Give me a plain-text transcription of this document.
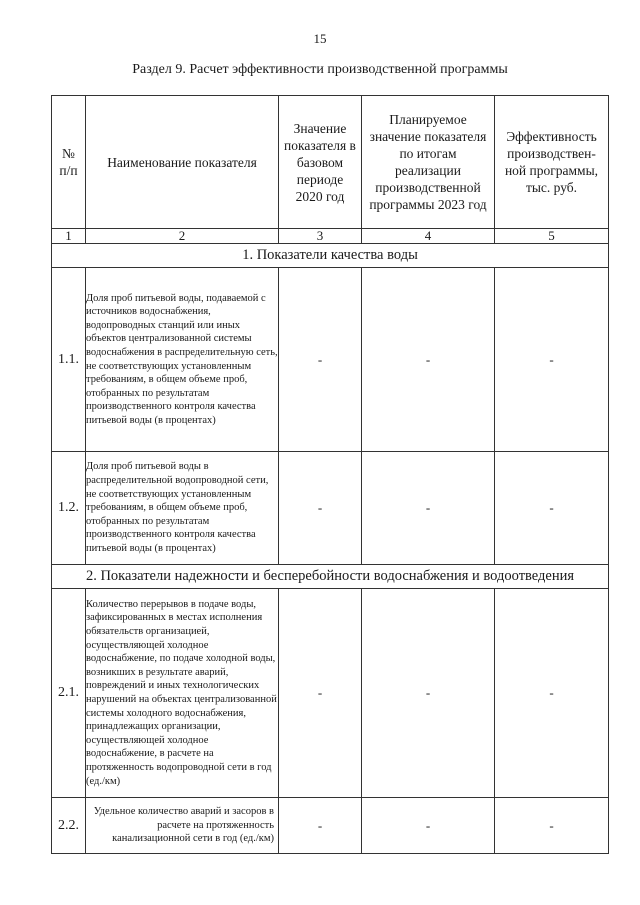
15
Раздел 9. Расчет эффективности производственной программы
№ п/п	Наименование показателя	Значение показателя в базовом периоде 2020 год	Планируемое значение показателя по итогам реализации производственной программы 2023 год	Эффективность производствен-ной программы, тыс. руб.
1	2	3	4	5
1. Показатели качества воды				
1.1.	Доля проб питьевой воды, подаваемой с источников водоснабжения, водопроводных станций или иных объектов централизованной системы водоснабжения в распределительную сеть, не соответствующих установленным требованиям, в общем объеме проб, отобранных по результатам производственного контроля качества питьевой воды (в процентах)	-	-	-
1.2.	Доля проб питьевой воды в распределительной водопроводной сети, не соответствующих установленным требованиям, в общем объеме проб, отобранных по результатам производственного контроля качества питьевой воды (в процентах)	-	-	-
2. Показатели надежности и бесперебойности водоснабжения и водоотведения				
2.1.	Количество перерывов в подаче воды, зафиксированных в местах исполнения обязательств организацией, осуществляющей холодное водоснабжение, по подаче холодной воды, возникших в результате аварий, повреждений и иных технологических нарушений на объектах централизованной системы холодного водоснабжения, принадлежащих организации, осуществляющей холодное водоснабжение, в расчете на протяженность водопроводной сети в год (ед./км)	-	-	-
2.2.	Удельное количество аварий и засоров в расчете на протяженность канализационной сети в год (ед./км)	-	-	-
